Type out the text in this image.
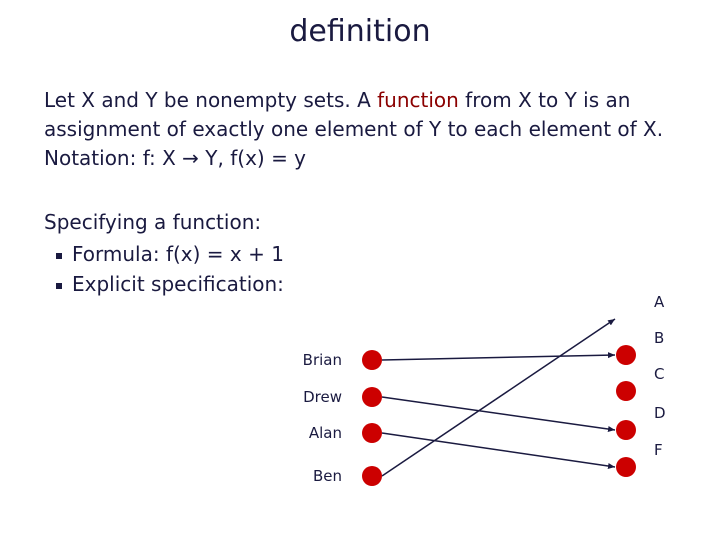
definition
Let X and Y be nonempty sets. A function from X to Y is an assignment of exactly one element of Y to each element of X.
Notation: f: X → Y, f(x) = y
Specifying a function:
Formula: f(x) = x + 1
Explicit specification:
Brian
Drew
Alan
Ben
A
B
C
D
F
